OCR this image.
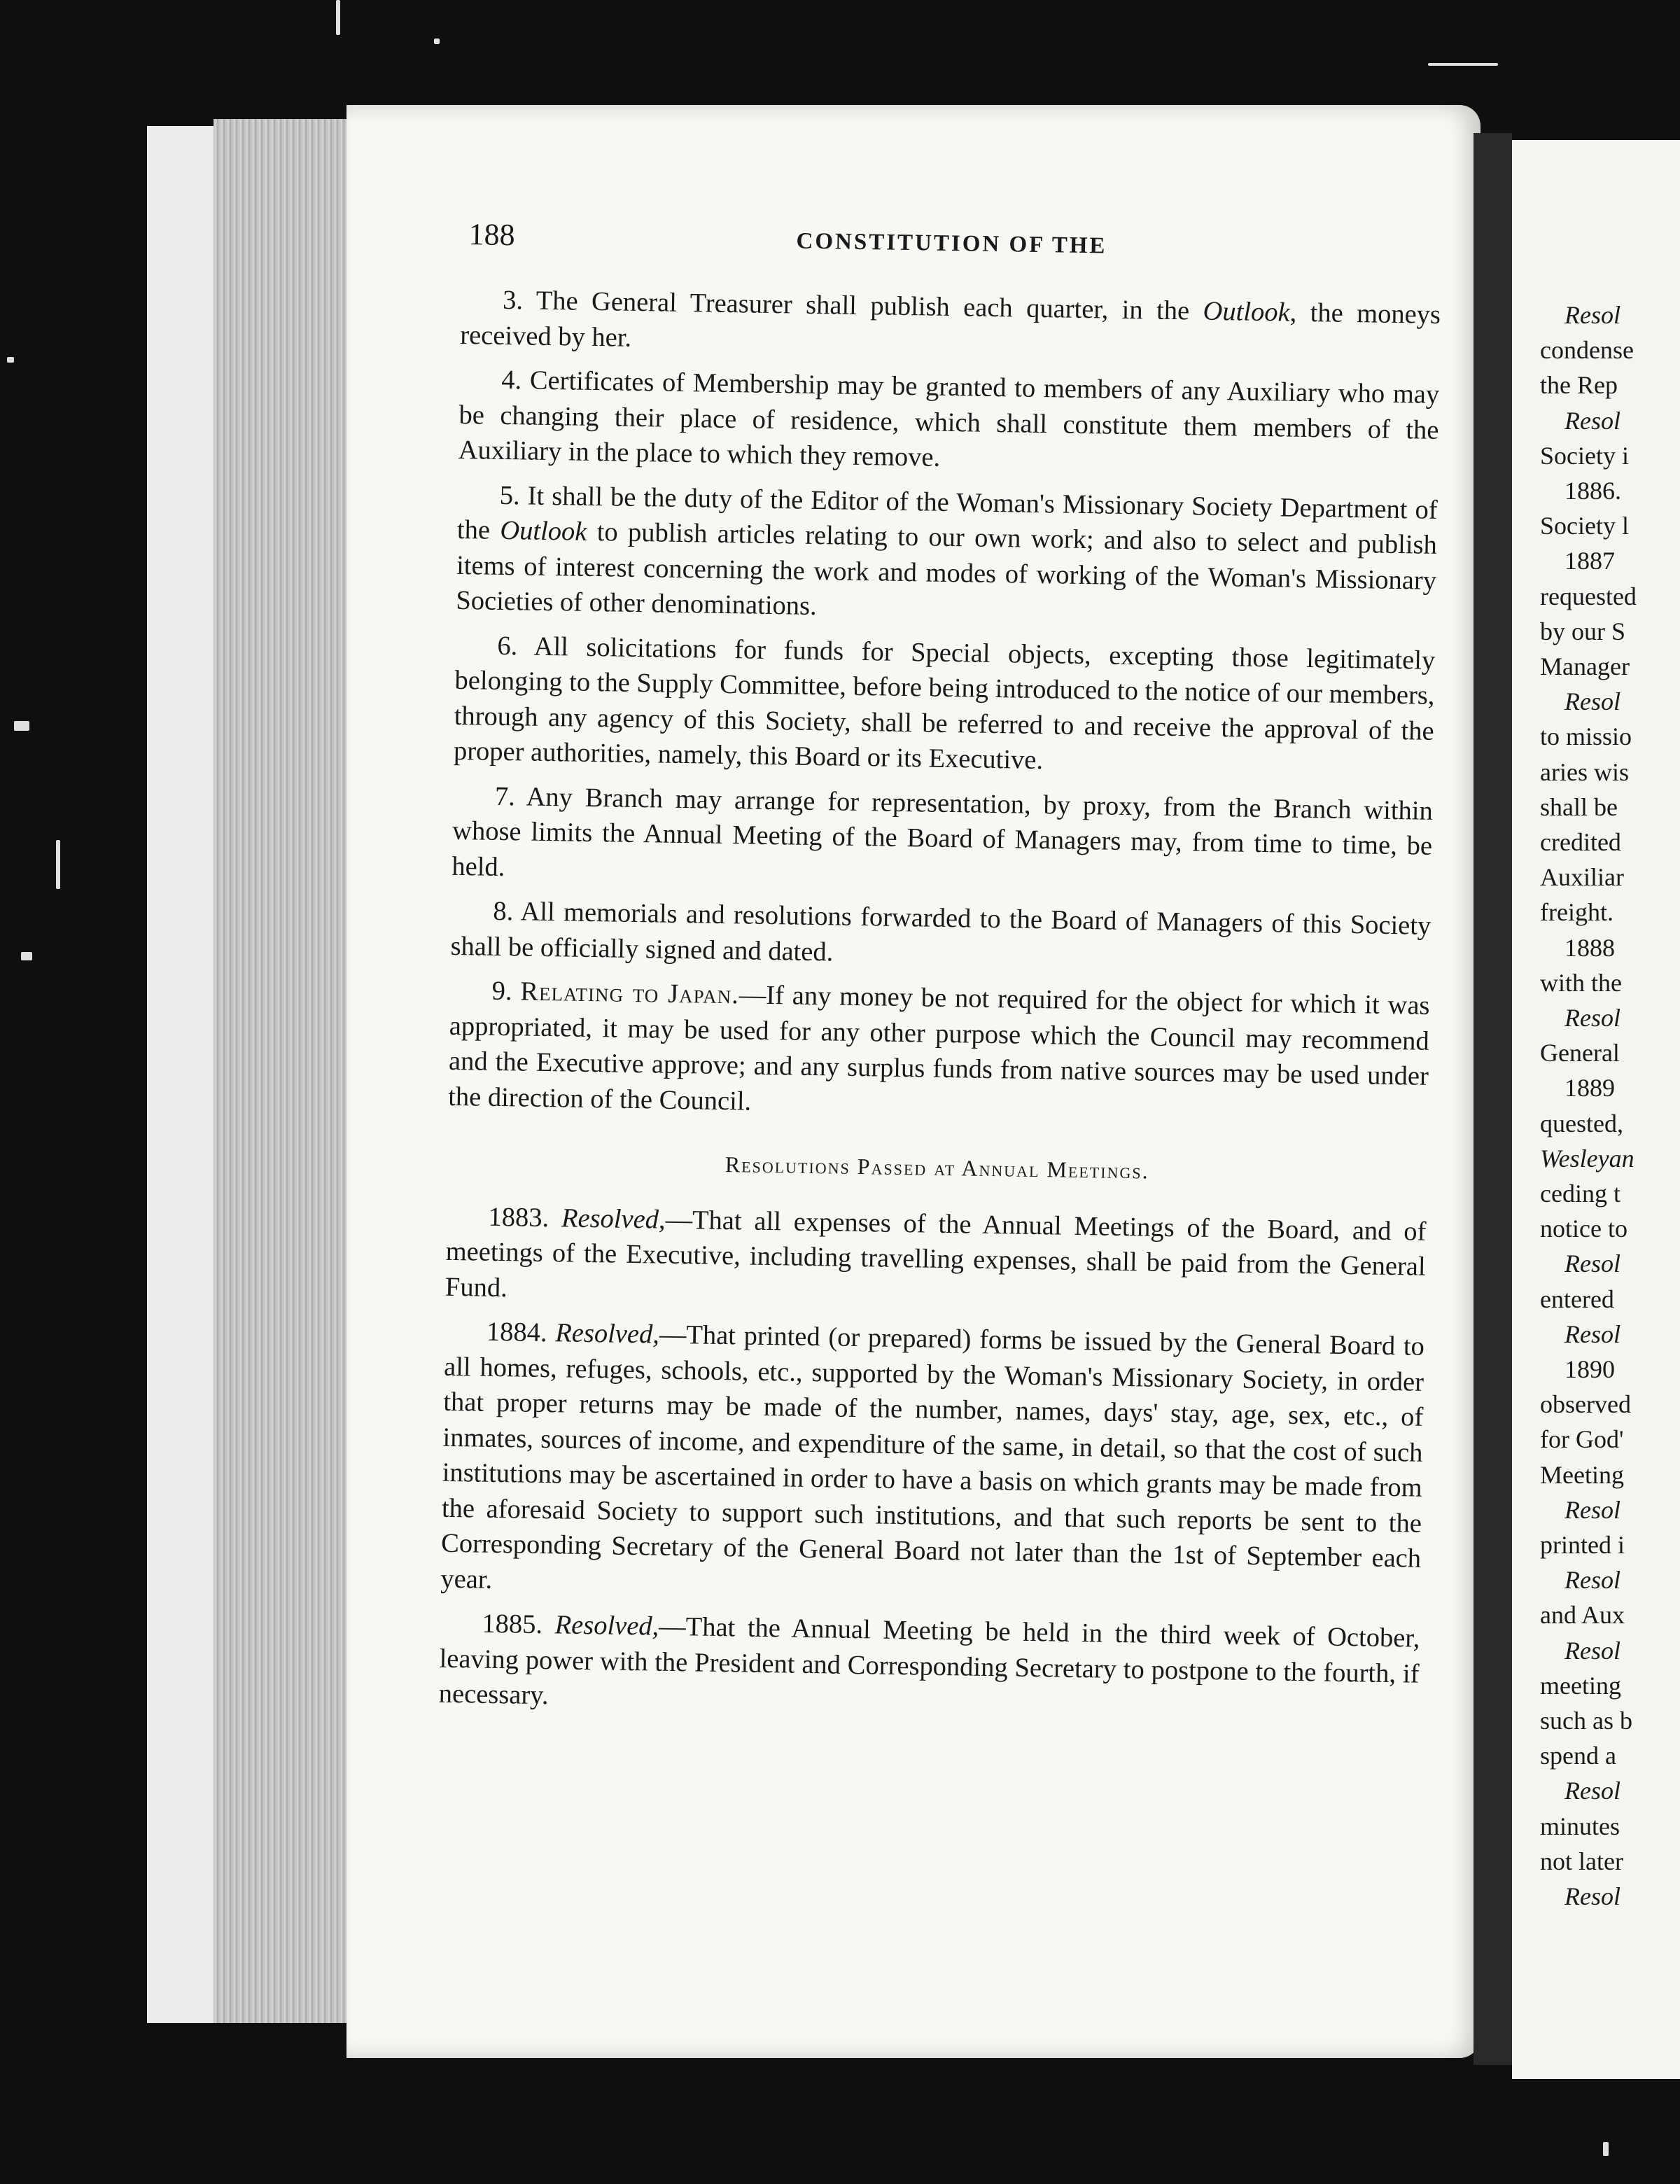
Resol
condense
the Rep
Resol
Society i
1886.
Society l
1887
requested
by our S
Manager
Resol
to missio
aries wis
shall be
credited
Auxiliar
freight.
1888
with the
Resol
General
1889
quested,
Wesleyan
ceding t
notice to
Resol
entered
Resol
1890
observed
for God'
Meeting
Resol
printed i
Resol
and Aux
Resol
meeting
such as b
spend a
Resol
minutes
not later
Resol
188	CONSTITUTION OF THE

3. The General Treasurer shall publish each quarter, in the Outlook, the moneys received by her.

4. Certificates of Membership may be granted to members of any Auxiliary who may be changing their place of residence, which shall constitute them members of the Auxiliary in the place to which they remove.

5. It shall be the duty of the Editor of the Woman's Missionary Society Department of the Outlook to publish articles relating to our own work; and also to select and publish items of interest concerning the work and modes of working of the Woman's Missionary Societies of other denominations.

6. All solicitations for funds for Special objects, excepting those legitimately belonging to the Supply Committee, before being introduced to the notice of our members, through any agency of this Society, shall be referred to and receive the approval of the proper authorities, namely, this Board or its Executive.

7. Any Branch may arrange for representation, by proxy, from the Branch within whose limits the Annual Meeting of the Board of Managers may, from time to time, be held.

8. All memorials and resolutions forwarded to the Board of Managers of this Society shall be officially signed and dated.

9. Relating to Japan.—If any money be not required for the object for which it was appropriated, it may be used for any other purpose which the Council may recommend and the Executive approve; and any surplus funds from native sources may be used under the direction of the Council.

Resolutions Passed at Annual Meetings.

1883. Resolved,—That all expenses of the Annual Meetings of the Board, and of meetings of the Executive, including travelling expenses, shall be paid from the General Fund.

1884. Resolved,—That printed (or prepared) forms be issued by the General Board to all homes, refuges, schools, etc., supported by the Woman's Missionary Society, in order that proper returns may be made of the number, names, days' stay, age, sex, etc., of inmates, sources of income, and expenditure of the same, in detail, so that the cost of such institutions may be ascertained in order to have a basis on which grants may be made from the aforesaid Society to support such institutions, and that such reports be sent to the Corresponding Secretary of the General Board not later than the 1st of September each year.

1885. Resolved,—That the Annual Meeting be held in the third week of October, leaving power with the President and Corresponding Secretary to postpone to the fourth, if necessary.
